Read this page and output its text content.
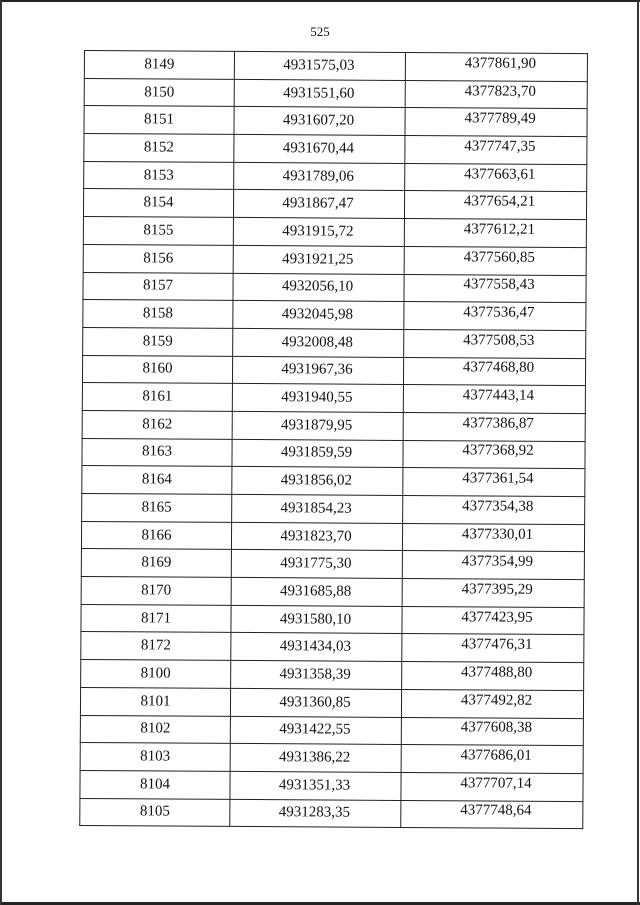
525
8149	4931575,03	4377861,90
8150	4931551,60	4377823,70
8151	4931607,20	4377789,49
8152	4931670,44	4377747,35
8153	4931789,06	4377663,61
8154	4931867,47	4377654,21
8155	4931915,72	4377612,21
8156	4931921,25	4377560,85
8157	4932056,10	4377558,43
8158	4932045,98	4377536,47
8159	4932008,48	4377508,53
8160	4931967,36	4377468,80
8161	4931940,55	4377443,14
8162	4931879,95	4377386,87
8163	4931859,59	4377368,92
8164	4931856,02	4377361,54
8165	4931854,23	4377354,38
8166	4931823,70	4377330,01
8169	4931775,30	4377354,99
8170	4931685,88	4377395,29
8171	4931580,10	4377423,95
8172	4931434,03	4377476,31
8100	4931358,39	4377488,80
8101	4931360,85	4377492,82
8102	4931422,55	4377608,38
8103	4931386,22	4377686,01
8104	4931351,33	4377707,14
8105	4931283,35	4377748,64
